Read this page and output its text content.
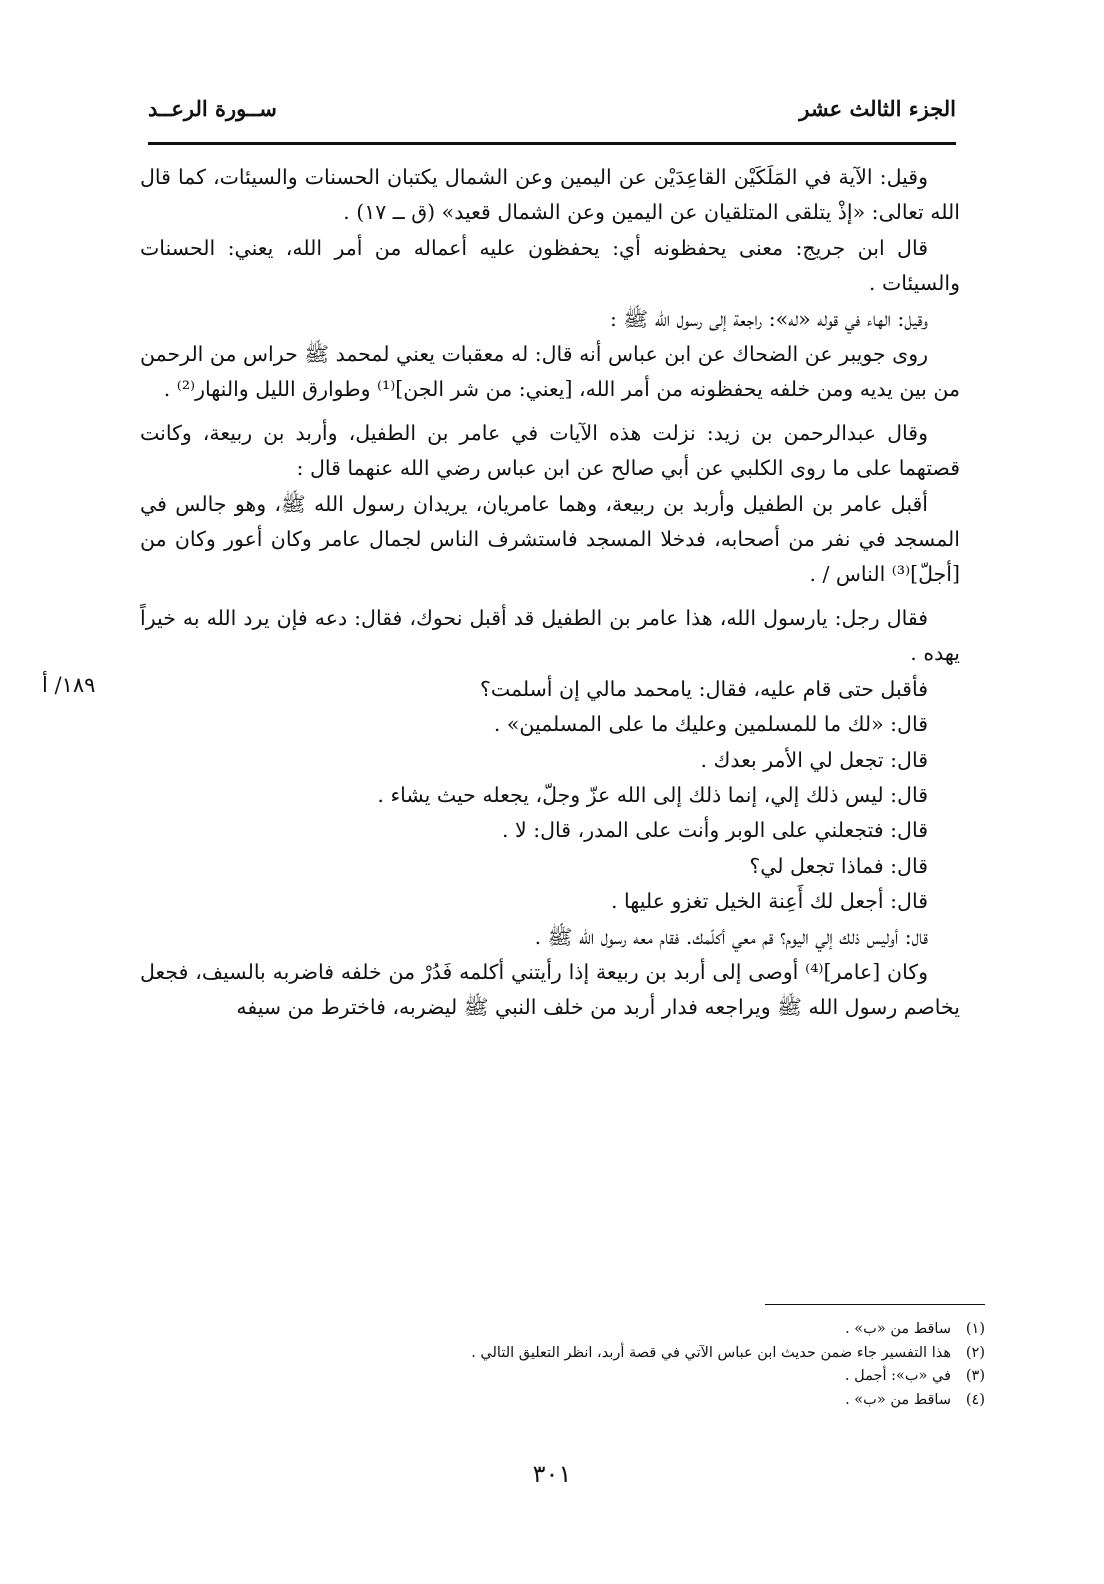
الجزء الثالث عشر
ســورة الرعــد

وقيل: الآية في المَلَكَيْن القاعِدَيْن عن اليمين وعن الشمال يكتبان الحسنات والسيئات، كما قال الله تعالى: «إذْ يتلقى المتلقيان عن اليمين وعن الشمال قعيد» (ق ــ ١٧) .

قال ابن جريج: معنى يحفظونه أي: يحفظون عليه أعماله من أمر الله، يعني: الحسنات والسيئات .

وقيل: الهاء في قوله «له»: راجعة إلى رسول الله ﷺ :

روى جويبر عن الضحاك عن ابن عباس أنه قال: له معقبات يعني لمحمد ﷺ حراس من الرحمن من بين يديه ومن خلفه يحفظونه من أمر الله، [يعني: من شر الجن]⁽¹⁾ وطوارق الليل والنهار⁽²⁾ .

وقال عبدالرحمن بن زيد: نزلت هذه الآيات في عامر بن الطفيل، وأربد بن ربيعة، وكانت قصتهما على ما روى الكلبي عن أبي صالح عن ابن عباس رضي الله عنهما قال :

أقبل عامر بن الطفيل وأربد بن ربيعة، وهما عامريان، يريدان رسول الله ﷺ، وهو جالس في المسجد في نفر من أصحابه، فدخلا المسجد فاستشرف الناس لجمال عامر وكان أعور وكان من [أجلّ]⁽³⁾ الناس / .

فقال رجل: يارسول الله، هذا عامر بن الطفيل قد أقبل نحوك، فقال: دعه فإن يرد الله به خيراً يهده .

فأقبل حتى قام عليه، فقال: يامحمد مالي إن أسلمت؟

قال: «لك ما للمسلمين وعليك ما على المسلمين» .

قال: تجعل لي الأمر بعدك .

قال: ليس ذلك إلي، إنما ذلك إلى الله عزّ وجلّ، يجعله حيث يشاء .

قال: فتجعلني على الوبر وأنت على المدر، قال: لا .

قال: فماذا تجعل لي؟

قال: أجعل لك أَعِنة الخيل تغزو عليها .

قال: أوليس ذلك إلي اليوم؟ قم معي أكلّمك. فقام معه رسول الله ﷺ .

وكان [عامر]⁽⁴⁾ أوصى إلى أربد بن ربيعة إذا رأيتني أكلمه فَدُرْ من خلفه فاضربه بالسيف، فجعل يخاصم رسول الله ﷺ ويراجعه فدار أربد من خلف النبي ﷺ ليضربه، فاخترط من سيفه

١٨٩/ أ
(١)
ساقط من «ب» .
(٢)
هذا التفسير جاء ضمن حديث ابن عباس الآتي في قصة أربد، انظر التعليق التالي .
(٣)
في «ب»: أجمل .
(٤)
ساقط من «ب» .
٣٠١
